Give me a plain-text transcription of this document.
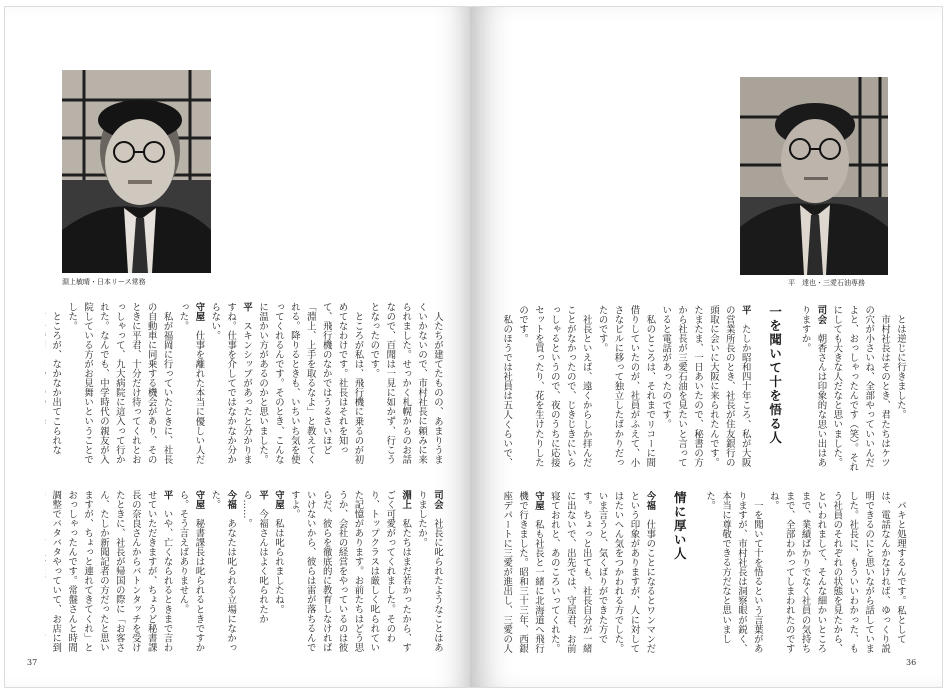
淵上敏晴・日本リース常務

　人たちが建てたものの、あまりうまくいかないので、市村社長に頼みに来られました。せっかく札幌からのお話なので、百聞は一見に如かず、行こうとなったのです。

　ところが私は、飛行機に乗るのが初めてなわけです。社長はそれを知って、飛行機のなかではうるさいほど「淵上、上手を取るなよ」と教えてくれる。降りるときも、いちいち気を使ってくれるんです。そのとき、こんなに温かい方があるのかと思いました。

平　スキンシップがあったと分かりますね。仕事を介してではなかなか分からない。

守屋　仕事を離れた本当に優しい人だった。

　私が福岡に行っていたときに、社長の自動車に同乗する機会があり、そのときに平君、十分だけ待ってくれとおっしゃって、九大病院に這入って行かれた。なんでも、中学時代の親友が入院している方がお見舞いということでした。

　ところが、なかなか出てこられな

司会　社長に叱られたようなことはありましたか。

淵上　私たちはまだ若かったから、すごく可愛がってくれました。そのわり、トップクラスは厳しく叱られていた記憶があります。お前たちはどう思うか、会社の経営をやっているのは彼らだ、彼らを徹底的に教育しなければいけないから、彼らは雷が落ちるんですよ。

守屋　私は叱られましたね。

平　今福さんはよく叱られたから……。

今福　あなたは叱られる立場になかった。

守屋　秘書課長は叱られるときですから。そう言えばありません。

平　いや、亡くなられるときまで言わせていただきますが、ちょうど秘書課長の奈良さんからバトンタッチを受けたときに、社長が帰国の際に「お客さん、たしか新聞記者の方だったと思いますが、ちょっと連れてきてくれ」とおっしゃったんです。常盤さんと時間調整でバタバタやっていて、お店に到

37
平　達也・三愛石油専務

　とは逆じに行きました。

　市村社長はそのとき、君たちはケツの穴が小さいね、全部やっていいんだよと、おっしゃったんです（笑）。それにしても大きな人だなと思いました。

司会　朝香さんは印象的な思い出はありますか。

一を聞いて十を悟る人

平　たしか昭和四十年ころ、私が大阪の営業所長のとき、社長が住友銀行の頭取に会いに大阪に来られたんです。たまたま、一日あいたので、秘書の方から社長が三愛石油を見たいと言っていると電話があったのです。

　私のところは、それまでリコーに間借りしていたのが、社員がふえて、小さなビルに移って独立したばかりだったのです。

　社長といえば、遠くからしか拝んだことがなかったので、じきじきにいらっしゃるというので、夜のうちに応接セットを買ったり、花を生けたりしたのです。

　私のほうでは社員は五人くらいで、

　パキと処理するんです。私としては、電話なんかなければ、ゆっくり説明できるのにと思いながら話していました。社長に、もういいわかった、もう社員のそれぞれの状態を見たから、といわれまして、そんな細かいところまで、業績ばかりでなく社員の気持ちまで、全部わかってしまわれたのですね。

　一を聞いて十を悟るという言葉がありますが、市村社長は洞察眼が鋭く、本当に尊敬できる方だなと思いました。

情に厚い人

今福　仕事のことになるとワンマンだという印象がありますが、人に対してはたいへん気をつかわれる方でした。いま言うと、気くばりができた方です。ちょっと出ても、社長自分が一緒に出ないで、出先では、守屋君、お前寝ておれと、あのころいってくれた。

守屋　私も社長と一緒に北海道へ飛行機で行きました。昭和三十三年、西銀座デパートに三愛が進出し、三愛の人

36
